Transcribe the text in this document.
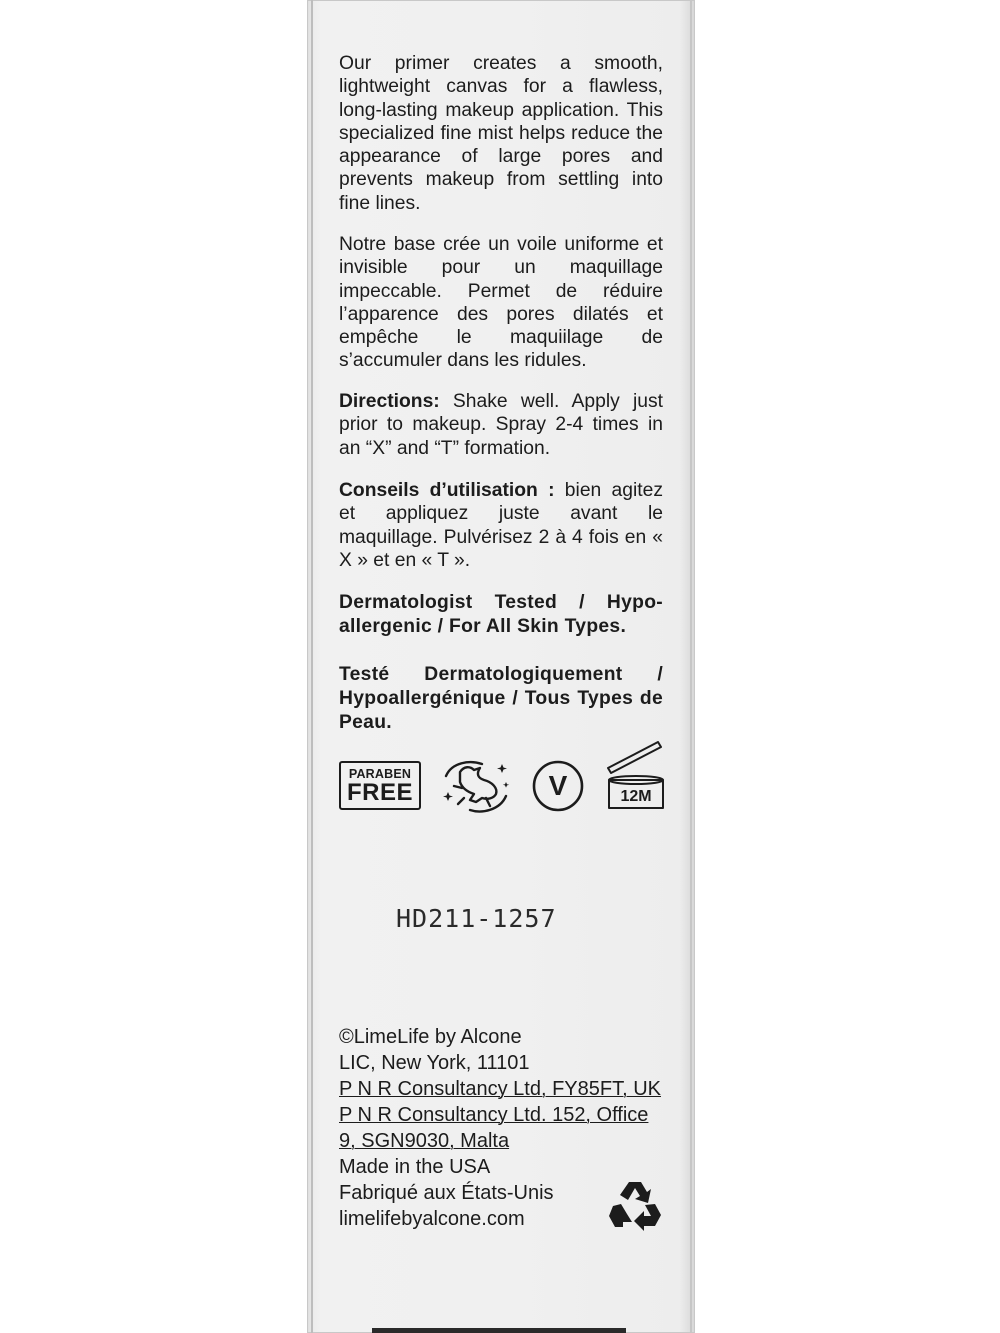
Our primer creates a smooth, lightweight canvas for a flawless, long-lasting makeup application. This specialized fine mist helps reduce the appearance of large pores and prevents makeup from settling into fine lines.

Notre base crée un voile uniforme et invisible pour un maquillage impeccable. Permet de réduire l’apparence des pores dilatés et empêche le maquiilage de s’accumuler dans les ridules.

Directions: Shake well. Apply just prior to makeup. Spray 2-4 times in an “X” and “T” formation.

Conseils d’utilisation : bien agitez et appliquez juste avant le maquillage. Pulvérisez 2 à 4 fois en « X » et en « T ».

Dermatologist Tested / Hypo-allergenic / For All Skin Types.

Testé Dermatologiquement / Hypoallergénique / Tous Types de Peau.

PARABEN
FREE	V	12M
HD211-1257
©LimeLife by Alcone
LIC, New York, 11101
P N R Consultancy Ltd, FY85FT, UK
P N R Consultancy Ltd. 152, Office
9, SGN9030, Malta
Made in the USA
Fabriqué aux États-Unis
limelifebyalcone.com
